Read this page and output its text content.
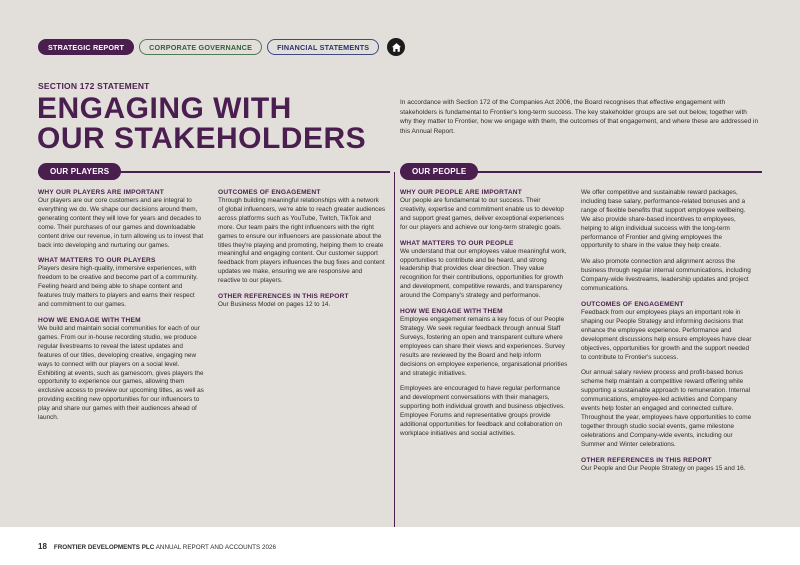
STRATEGIC REPORT	CORPORATE GOVERNANCE	FINANCIAL STATEMENTS
SECTION 172 STATEMENT
ENGAGING WITH
OUR STAKEHOLDERS
In accordance with Section 172 of the Companies Act 2006, the Board recognises that effective engagement with stakeholders is fundamental to Frontier's long-term success. The key stakeholder groups are set out below, together with why they matter to Frontier, how we engage with them, the outcomes of that engagement, and where these are addressed in this Annual Report.
OUR PLAYERS
WHY OUR PLAYERS ARE IMPORTANT

Our players are our core customers and are integral to everything we do. We shape our decisions around them, generating content they will love for years and decades to come. Their purchases of our games and downloadable content drive our revenue, in turn allowing us to invest that back into developing and nurturing our games.

WHAT MATTERS TO OUR PLAYERS

Players desire high-quality, immersive experiences, with freedom to be creative and become part of a community. Feeling heard and being able to shape content and features truly matters to players and earns their respect and commitment to our games.

HOW WE ENGAGE WITH THEM

We build and maintain social communities for each of our games. From our in-house recording studio, we produce regular livestreams to reveal the latest updates and features of our titles, developing creative, engaging new ways to connect with our players on a social level. Exhibiting at events, such as gamescom, gives players the opportunity to experience our games, allowing them exclusive access to preview our upcoming titles, as well as providing exciting new opportunities for our influencers to play and share our games with their audiences ahead of launch.

OUTCOMES OF ENGAGEMENT

Through building meaningful relationships with a network of global influencers, we're able to reach greater audiences across platforms such as YouTube, Twitch, TikTok and more. Our team pairs the right influencers with the right games to ensure our influencers are passionate about the titles they're playing and promoting, helping them to create meaningful and engaging content. Our customer support feedback from players influences the bug fixes and content updates we make, ensuring we are responsive and reactive to our players.

OTHER REFERENCES IN THIS REPORT

Our Business Model on pages 12 to 14.

OUR PEOPLE
WHY OUR PEOPLE ARE IMPORTANT

Our people are fundamental to our success. Their creativity, expertise and commitment enable us to develop and support great games, deliver exceptional experiences for our players and achieve our long-term strategic goals.

WHAT MATTERS TO OUR PEOPLE

We understand that our employees value meaningful work, opportunities to contribute and be heard, and strong leadership that provides clear direction. They value recognition for their contributions, opportunities for growth and development, competitive rewards, and transparency around the Company's strategy and performance.

HOW WE ENGAGE WITH THEM

Employee engagement remains a key focus of our People Strategy. We seek regular feedback through annual Staff Surveys, fostering an open and transparent culture where employees can share their views and experiences. Survey results are reviewed by the Board and help inform decisions on employee experience, organisational priorities and strategic initiatives.

Employees are encouraged to have regular performance and development conversations with their managers, supporting both individual growth and business objectives. Employee Forums and representative groups provide additional opportunities for feedback and collaboration on workplace initiatives and social activities.

We offer competitive and sustainable reward packages, including base salary, performance-related bonuses and a range of flexible benefits that support employee wellbeing. We also provide share-based incentives to employees, helping to align individual success with the long-term performance of Frontier and giving employees the opportunity to share in the value they help create.

We also promote connection and alignment across the business through regular internal communications, including Company-wide livestreams, leadership updates and project communications.

OUTCOMES OF ENGAGEMENT

Feedback from our employees plays an important role in shaping our People Strategy and informing decisions that enhance the employee experience. Performance and development discussions help ensure employees have clear objectives, opportunities for growth and the support needed to contribute to Frontier's success.

Our annual salary review process and profit-based bonus scheme help maintain a competitive reward offering while supporting a sustainable approach to remuneration. Internal communications, employee-led activities and Company events help foster an engaged and connected culture. Throughout the year, employees have opportunities to come together through studio social events, game milestone celebrations and Company-wide events, including our Summer and Winter celebrations.

OTHER REFERENCES IN THIS REPORT

Our People and Our People Strategy on pages 15 and 16.

18 FRONTIER DEVELOPMENTS PLC ANNUAL REPORT AND ACCOUNTS 2026
